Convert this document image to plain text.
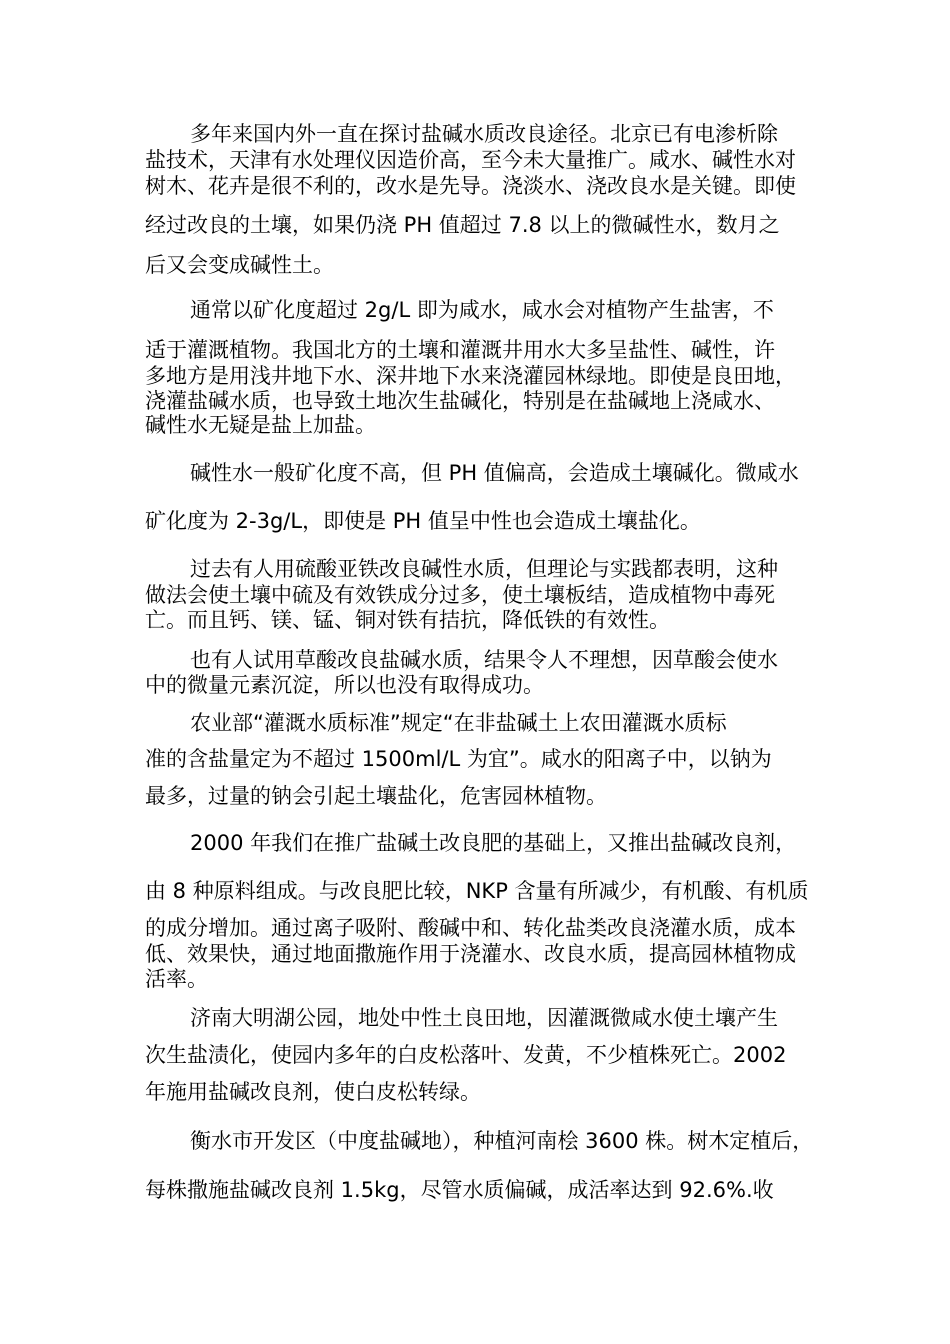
多年来国内外一直在探讨盐碱水质改良途径。北京已有电渗析除
盐技术，天津有水处理仪因造价高，至今未大量推广。咸水、碱性水对
树木、花卉是很不利的，改水是先导。浇淡水、浇改良水是关键。即使
经过改良的土壤，如果仍浇 PH 值超过 7.8 以上的微碱性水，数月之
后又会变成碱性土。
通常以矿化度超过 2g/L 即为咸水，咸水会对植物产生盐害，不
适于灌溉植物。我国北方的土壤和灌溉井用水大多呈盐性、碱性，许
多地方是用浅井地下水、深井地下水来浇灌园林绿地。即使是良田地，
浇灌盐碱水质，也导致土地次生盐碱化，特别是在盐碱地上浇咸水、
碱性水无疑是盐上加盐。
碱性水一般矿化度不高，但 PH 值偏高，会造成土壤碱化。微咸水
矿化度为 2-3g/L，即使是 PH 值呈中性也会造成土壤盐化。
过去有人用硫酸亚铁改良碱性水质，但理论与实践都表明，这种
做法会使土壤中硫及有效铁成分过多，使土壤板结，造成植物中毒死
亡。而且钙、镁、锰、铜对铁有拮抗，降低铁的有效性。
也有人试用草酸改良盐碱水质，结果令人不理想，因草酸会使水
中的微量元素沉淀，所以也没有取得成功。
农业部“灌溉水质标准”规定“在非盐碱土上农田灌溉水质标
准的含盐量定为不超过 1500ml/L 为宜”。咸水的阳离子中，以钠为
最多，过量的钠会引起土壤盐化，危害园林植物。
2000 年我们在推广盐碱土改良肥的基础上，又推出盐碱改良剂，
由 8 种原料组成。与改良肥比较，NKP 含量有所减少，有机酸、有机质
的成分增加。通过离子吸附、酸碱中和、转化盐类改良浇灌水质，成本
低、效果快，通过地面撒施作用于浇灌水、改良水质，提高园林植物成
活率。
济南大明湖公园，地处中性土良田地，因灌溉微咸水使土壤产生
次生盐渍化，使园内多年的白皮松落叶、发黄，不少植株死亡。2002
年施用盐碱改良剂，使白皮松转绿。
衡水市开发区（中度盐碱地），种植河南桧 3600 株。树木定植后，
每株撒施盐碱改良剂 1.5kg，尽管水质偏碱，成活率达到 92.6%.收
